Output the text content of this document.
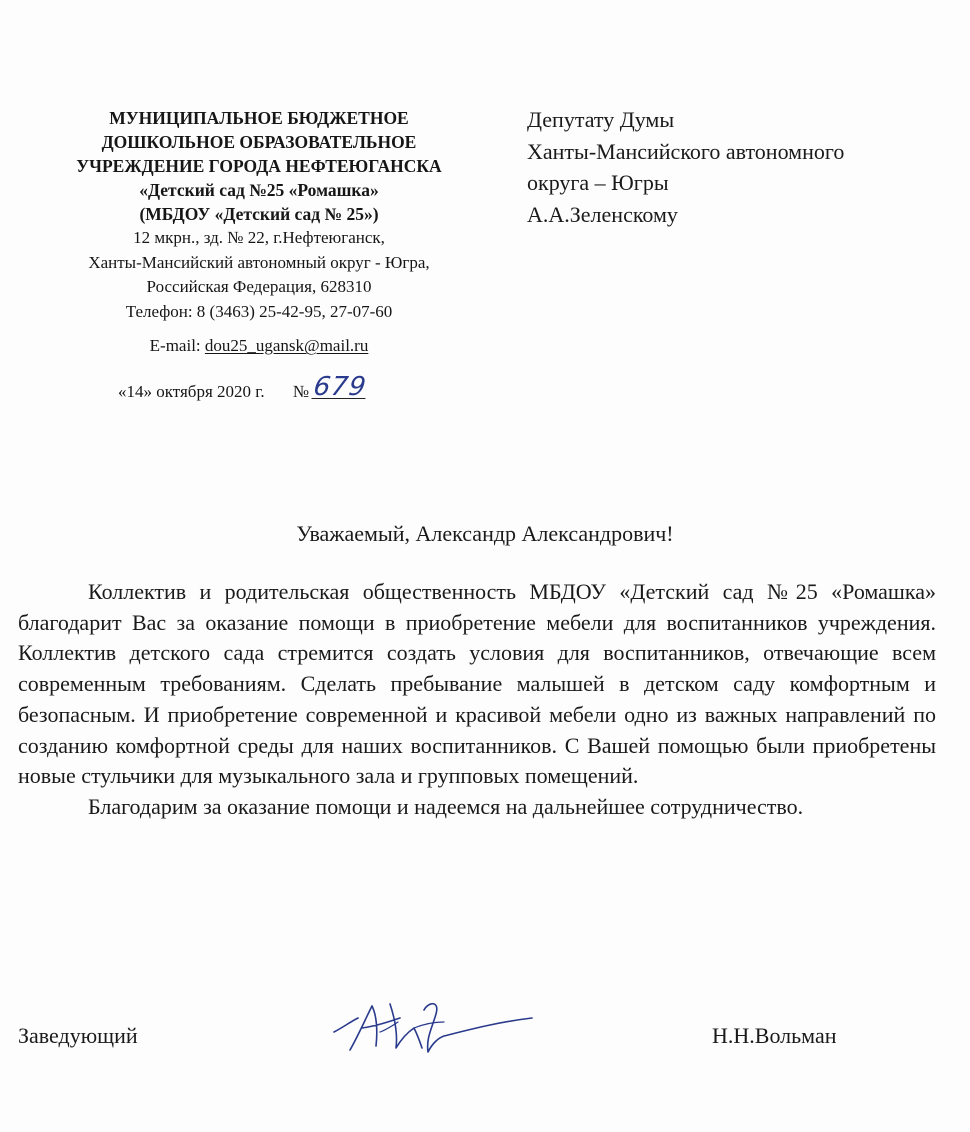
МУНИЦИПАЛЬНОЕ БЮДЖЕТНОЕ
ДОШКОЛЬНОЕ ОБРАЗОВАТЕЛЬНОЕ
УЧРЕЖДЕНИЕ ГОРОДА НЕФТЕЮГАНСКА
«Детский сад №25 «Ромашка»
(МБДОУ «Детский сад № 25»)
12 мкрн., зд. № 22, г.Нефтеюганск,
Ханты-Мансийский автономный округ - Югра,
Российская Федерация, 628310
Телефон: 8 (3463) 25-42-95, 27-07-60
E-mail: dou25_ugansk@mail.ru
«14» октября 2020 г. № 679
Депутату Думы
Ханты-Мансийского автономного
округа – Югры
А.А.Зеленскому
Уважаемый, Александр Александрович!

Коллектив и родительская общественность МБДОУ «Детский сад №25 «Ромашка» благодарит Вас за оказание помощи в приобретение мебели для воспитанников учреждения. Коллектив детского сада стремится создать условия для воспитанников, отвечающие всем современным требованиям. Сделать пребывание малышей в детском саду комфортным и безопасным. И приобретение современной и красивой мебели одно из важных направлений по созданию комфортной среды для наших воспитанников. С Вашей помощью были приобретены новые стульчики для музыкального зала и групповых помещений.

Благодарим за оказание помощи и надеемся на дальнейшее сотрудничество.

Заведующий	Н.Н.Вольман
